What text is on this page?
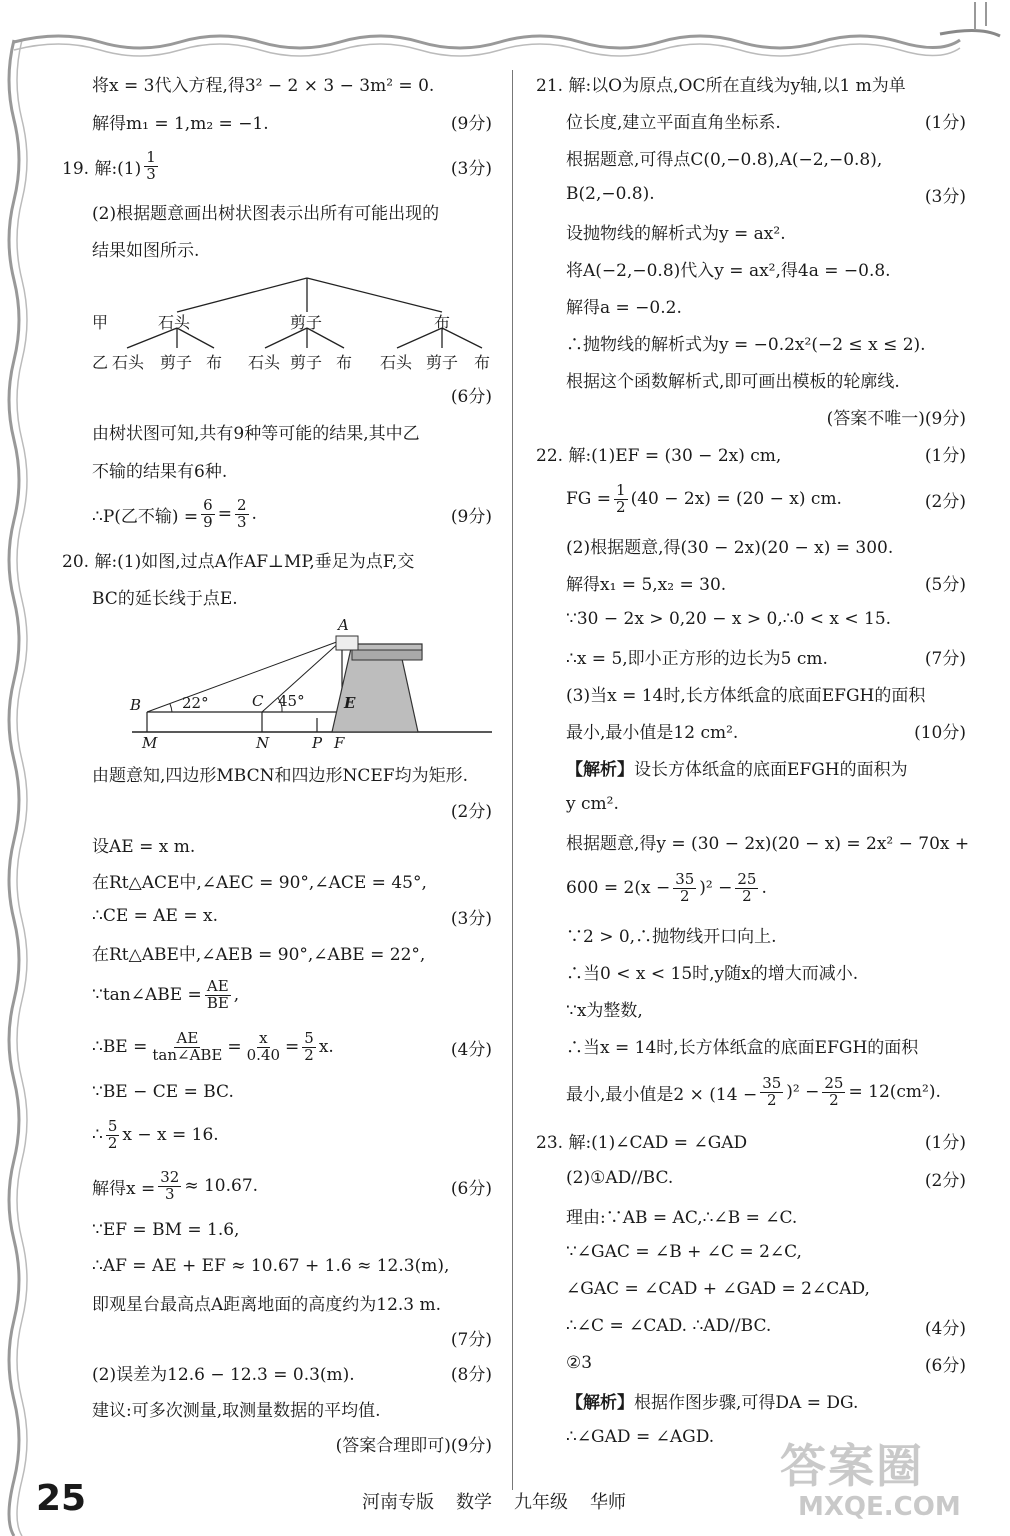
将x = 3代入方程,得3² − 2 × 3 − 3m² = 0.
解得m₁ = 1,m₂ = −1.	(9分)
19. 解:(1) $\frac{1}{3}$	(3分)
(2)根据题意画出树状图表示出所有可能出现的
结果如图所示.
甲	石头	剪子	布
乙 石头 剪子 布 石头 剪子 布 石头 剪子 布
(6分)
由树状图可知,共有9种等可能的结果,其中乙
不输的结果有6种.
∴P(乙不输) = $\frac{6}{9} = \frac{2}{3}$ .	(9分)
20. 解:(1)如图,过点A作AF⊥MP,垂足为点F,交
BC的延长线于点E.
A
B	22°	C 45°	E
M	N	P F
由题意知,四边形MBCN和四边形NCEF均为矩形.
(2分)
设AE = x m.
在Rt△ACE中,∠AEC = 90°,∠ACE = 45°,
∴CE = AE = x.	(3分)
在Rt△ABE中,∠AEB = 90°,∠ABE = 22°,
∵tan∠ABE = $\frac{AE}{BE}$ ,
∴BE = $\frac{AE}{\text{tan∠ABE}} = \frac{x}{0.40} = \frac{5}{2} x$.	(4分)
∵BE − CE = BC.
∴ $\frac{5}{2}$ x − x = 16.
解得$x = \frac{32}{3} \approx 10.67$.	(6分)
∵EF = BM = 1.6,
∴AF = AE + EF ≈ 10.67 + 1.6 ≈ 12.3(m),
即观星台最高点A距离地面的高度约为12.3 m.
(7分)
(2)误差为12.6 − 12.3 = 0.3(m).	(8分)
建议:可多次测量,取测量数据的平均值.
(答案合理即可)(9分)
21. 解:以O为原点,OC所在直线为y轴,以1 m为单
位长度,建立平面直角坐标系.	(1分)
根据题意,可得点C(0,−0.8),A(−2,−0.8),
B(2,−0.8).	(3分)
设抛物线的解析式为y = ax².
将A(−2,−0.8)代入y = ax²,得4a = −0.8.
解得a = −0.2.
∴抛物线的解析式为y = −0.2x²(−2 ≤ x ≤ 2).
根据这个函数解析式,即可画出模板的轮廓线.
(答案不唯一)(9分)
22. 解:(1)EF = (30 − 2x) cm,	(1分)
FG = $\frac{1}{2} (40 - 2x) = (20 - x)$ cm.	(2分)
(2)根据题意,得(30 − 2x)(20 − x) = 300.
解得x₁ = 5,x₂ = 30.	(5分)
∵30 − 2x > 0,20 − x > 0,∴0 < x < 15.
∴x = 5,即小正方形的边长为5 cm.	(7分)
(3)当x = 14时,长方体纸盒的底面EFGH的面积
最小,最小值是12 cm².	(10分)
【解析】 设长方体纸盒的底面EFGH的面积为
y cm².
根据题意,得y = (30 − 2x)(20 − x) = 2x² − 70x +
$600 = 2(x - \frac{35}{2} )^2 - \frac{25}{2}$ .
∵2 > 0,∴抛物线开口向上.
∴当0 < x < 15时,y随x的增大而减小.
∵x为整数,
∴当x = 14时,长方体纸盒的底面EFGH的面积
最小,最小值是$2 \times (14 - \frac{35}{2} )^2 - \frac{25}{2} = 12(cm^2)$.
23. 解:(1)∠CAD = ∠GAD	(1分)
(2)①AD//BC.	(2分)
理由:∵AB = AC,∴∠B = ∠C.
∵∠GAC = ∠B + ∠C = 2∠C,
∠GAC = ∠CAD + ∠GAD = 2∠CAD,
∴∠C = ∠CAD. ∴AD//BC.	(4分)
②3	(6分)
【解析】 根据作图步骤,可得DA = DG.
∴∠GAD = ∠AGD.
25	河南专版 数学 九年级 华师
答案圈
MXQE.COM
